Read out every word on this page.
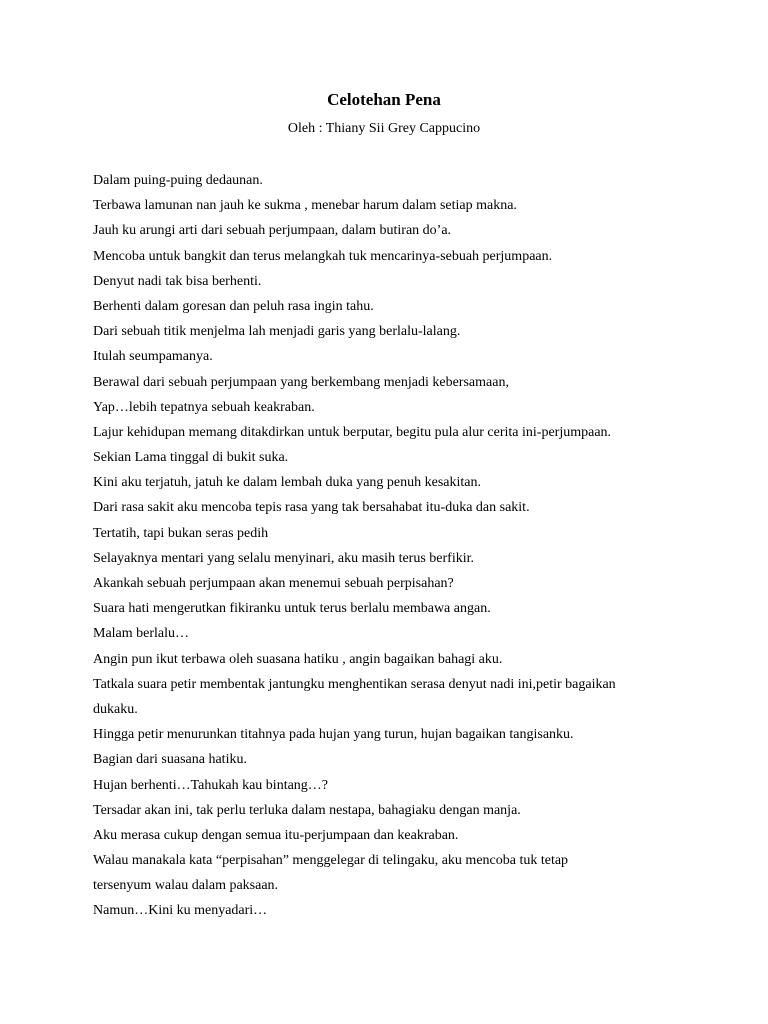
Celotehan Pena
Oleh : Thiany Sii Grey Cappucino
Dalam puing-puing dedaunan.
Terbawa lamunan nan jauh ke sukma , menebar harum dalam setiap makna.
Jauh ku arungi arti dari sebuah perjumpaan, dalam butiran do’a.
Mencoba untuk bangkit dan terus melangkah tuk mencarinya-sebuah perjumpaan.
Denyut nadi tak bisa berhenti.
Berhenti dalam goresan dan peluh rasa ingin tahu.
Dari sebuah titik menjelma lah menjadi garis yang berlalu-lalang.
Itulah seumpamanya.
Berawal dari sebuah perjumpaan yang berkembang menjadi kebersamaan,
Yap…lebih tepatnya sebuah keakraban.
Lajur kehidupan memang ditakdirkan untuk berputar, begitu pula alur cerita ini-perjumpaan.
Sekian Lama tinggal di bukit suka.
Kini aku terjatuh, jatuh ke dalam lembah duka yang penuh kesakitan.
Dari rasa sakit aku mencoba tepis rasa yang tak bersahabat itu-duka dan sakit.
Tertatih, tapi bukan seras pedih
Selayaknya mentari yang selalu menyinari, aku masih terus berfikir.
Akankah sebuah perjumpaan akan menemui sebuah perpisahan?
Suara hati mengerutkan fikiranku untuk terus berlalu membawa angan.
Malam berlalu…
Angin pun ikut terbawa oleh suasana hatiku , angin bagaikan bahagi aku.
Tatkala suara petir membentak jantungku menghentikan serasa denyut nadi ini,petir bagaikan
dukaku.
Hingga petir menurunkan titahnya pada hujan yang turun, hujan bagaikan tangisanku.
Bagian dari suasana hatiku.
Hujan berhenti…Tahukah kau bintang…?
Tersadar akan ini, tak perlu terluka dalam nestapa, bahagiaku dengan manja.
Aku merasa cukup dengan semua itu-perjumpaan dan keakraban.
Walau manakala kata “perpisahan” menggelegar di telingaku, aku mencoba tuk tetap
tersenyum walau dalam paksaan.
Namun…Kini ku menyadari…
